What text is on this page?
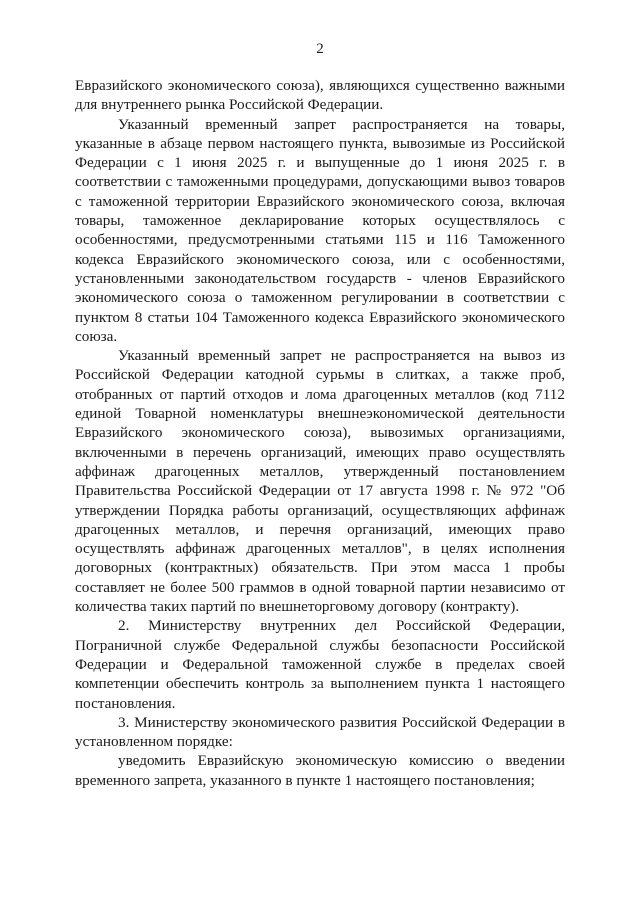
2

Евразийского экономического союза), являющихся существенно важными для внутреннего рынка Российской Федерации.

Указанный временный запрет распространяется на товары, указанные в абзаце первом настоящего пункта, вывозимые из Российской Федерации с 1 июня 2025 г. и выпущенные до 1 июня 2025 г. в соответствии с таможенными процедурами, допускающими вывоз товаров с таможенной территории Евразийского экономического союза, включая товары, таможенное декларирование которых осуществлялось с особенностями, предусмотренными статьями 115 и 116 Таможенного кодекса Евразийского экономического союза, или с особенностями, установленными законодательством государств - членов Евразийского экономического союза о таможенном регулировании в соответствии с пунктом 8 статьи 104 Таможенного кодекса Евразийского экономического союза.

Указанный временный запрет не распространяется на вывоз из Российской Федерации катодной сурьмы в слитках, а также проб, отобранных от партий отходов и лома драгоценных металлов (код 7112 единой Товарной номенклатуры внешнеэкономической деятельности Евразийского экономического союза), вывозимых организациями, включенными в перечень организаций, имеющих право осуществлять аффинаж драгоценных металлов, утвержденный постановлением Правительства Российской Федерации от 17 августа 1998 г. № 972 "Об утверждении Порядка работы организаций, осуществляющих аффинаж драгоценных металлов, и перечня организаций, имеющих право осуществлять аффинаж драгоценных металлов", в целях исполнения договорных (контрактных) обязательств. При этом масса 1 пробы составляет не более 500 граммов в одной товарной партии независимо от количества таких партий по внешнеторговому договору (контракту).

2. Министерству внутренних дел Российской Федерации, Пограничной службе Федеральной службы безопасности Российской Федерации и Федеральной таможенной службе в пределах своей компетенции обеспечить контроль за выполнением пункта 1 настоящего постановления.

3. Министерству экономического развития Российской Федерации в установленном порядке:

уведомить Евразийскую экономическую комиссию о введении временного запрета, указанного в пункте 1 настоящего постановления;
